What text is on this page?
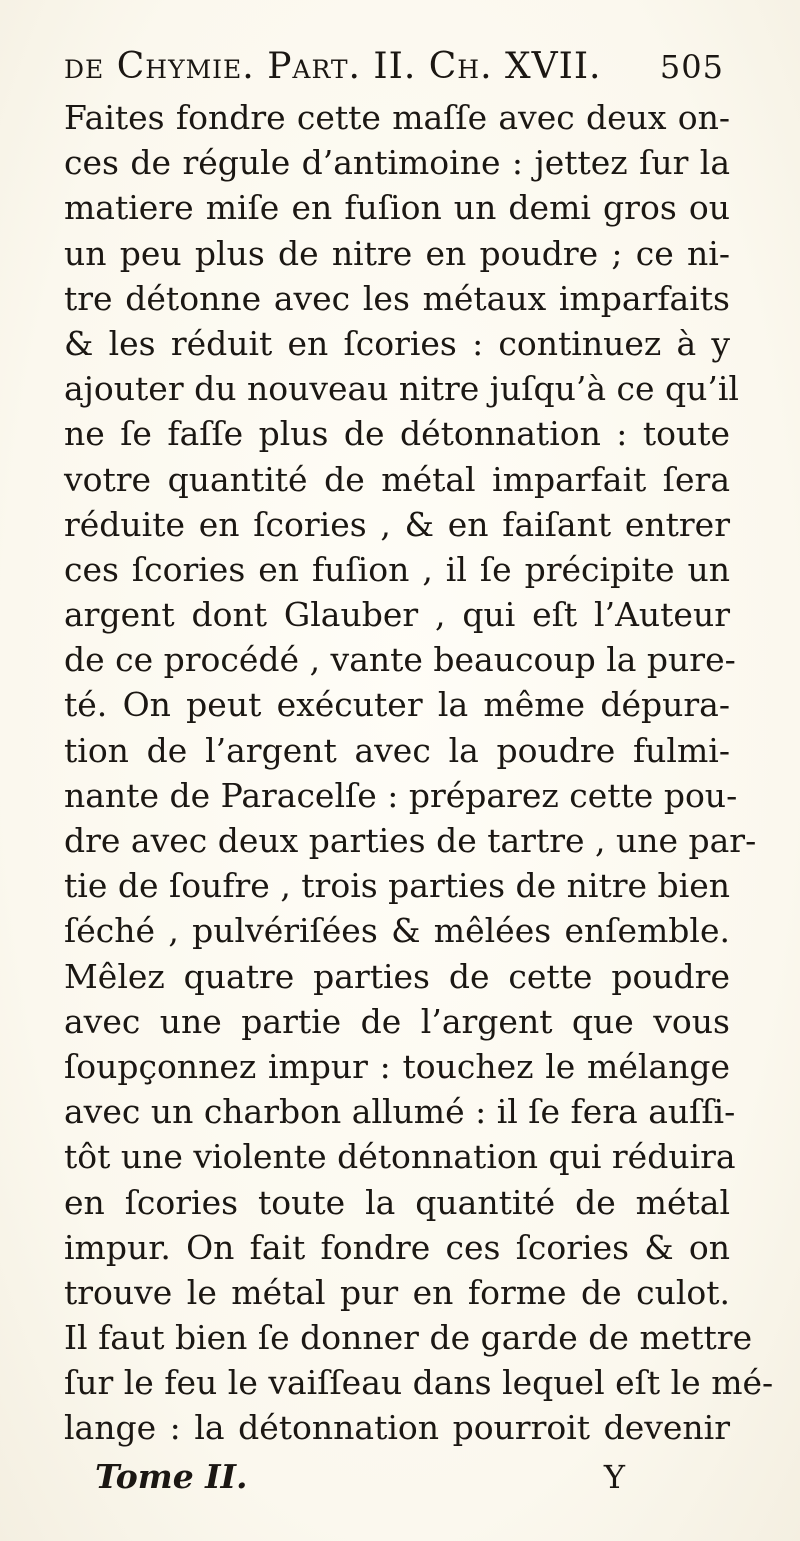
de Chymie. Part. II. Ch. XVII. 505
Faites fondre cette maſſe avec deux on-
ces de régule d’antimoine : jettez ſur la
matiere miſe en fuſion un demi gros ou
un peu plus de nitre en poudre ; ce ni-
tre détonne avec les métaux imparfaits
& les réduit en ſcories : continuez à y
ajouter du nouveau nitre juſqu’à ce qu’il
ne ſe faſſe plus de détonnation : toute
votre quantité de métal imparfait ſera
réduite en ſcories , & en faiſant entrer
ces ſcories en fuſion , il ſe précipite un
argent dont Glauber , qui eſt l’Auteur
de ce procédé , vante beaucoup la pure-
té. On peut exécuter la même dépura-
tion de l’argent avec la poudre fulmi-
nante de Paracelſe : préparez cette pou-
dre avec deux parties de tartre , une par-
tie de ſoufre , trois parties de nitre bien
ſéché , pulvériſées & mêlées enſemble.
Mêlez quatre parties de cette poudre
avec une partie de l’argent que vous
ſoupçonnez impur : touchez le mélange
avec un charbon allumé : il ſe fera auſſi-
tôt une violente détonnation qui réduira
en ſcories toute la quantité de métal
impur. On fait fondre ces ſcories & on
trouve le métal pur en forme de culot.
Il faut bien ſe donner de garde de mettre
ſur le feu le vaiſſeau dans lequel eſt le mé-
lange : la détonnation pourroit devenir
Tome II.	Y
